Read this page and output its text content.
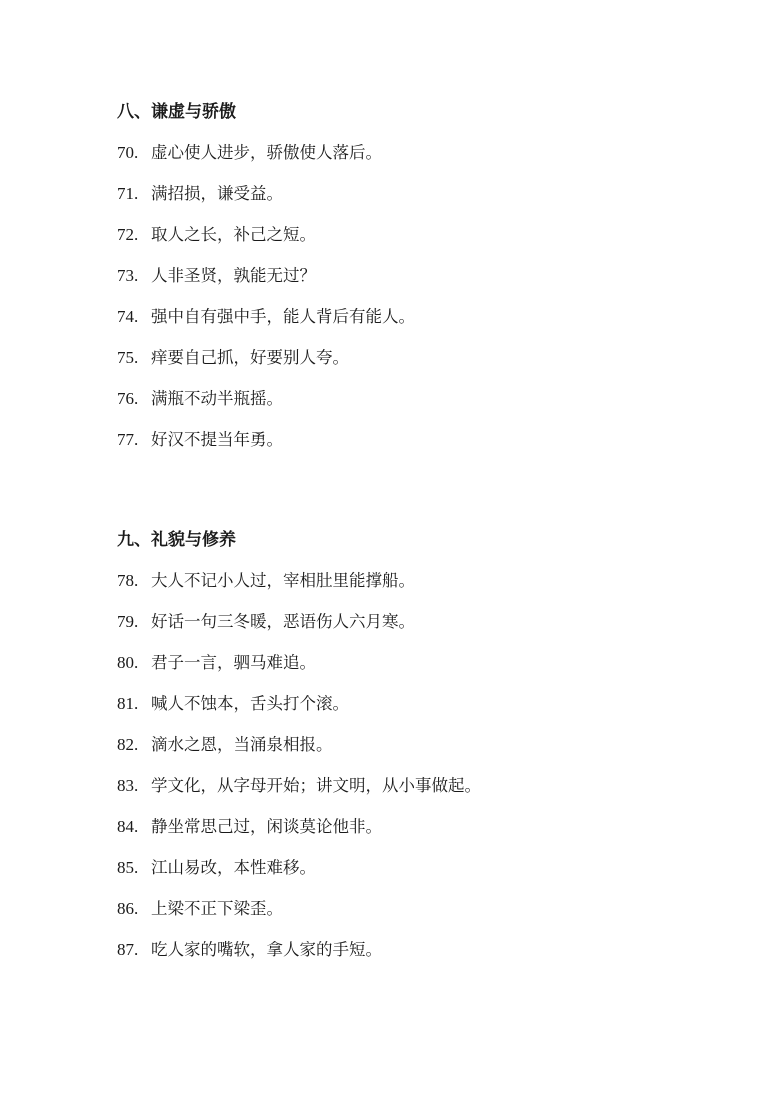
八、谦虚与骄傲
70. 虚心使人进步，骄傲使人落后。
71. 满招损，谦受益。
72. 取人之长，补己之短。
73. 人非圣贤，孰能无过？
74. 强中自有强中手，能人背后有能人。
75. 痒要自己抓，好要别人夸。
76. 满瓶不动半瓶摇。
77. 好汉不提当年勇。
九、礼貌与修养
78. 大人不记小人过，宰相肚里能撑船。
79. 好话一句三冬暖，恶语伤人六月寒。
80. 君子一言，驷马难追。
81. 喊人不蚀本，舌头打个滚。
82. 滴水之恩，当涌泉相报。
83. 学文化，从字母开始；讲文明，从小事做起。
84. 静坐常思己过，闲谈莫论他非。
85. 江山易改，本性难移。
86. 上梁不正下梁歪。
87. 吃人家的嘴软，拿人家的手短。
